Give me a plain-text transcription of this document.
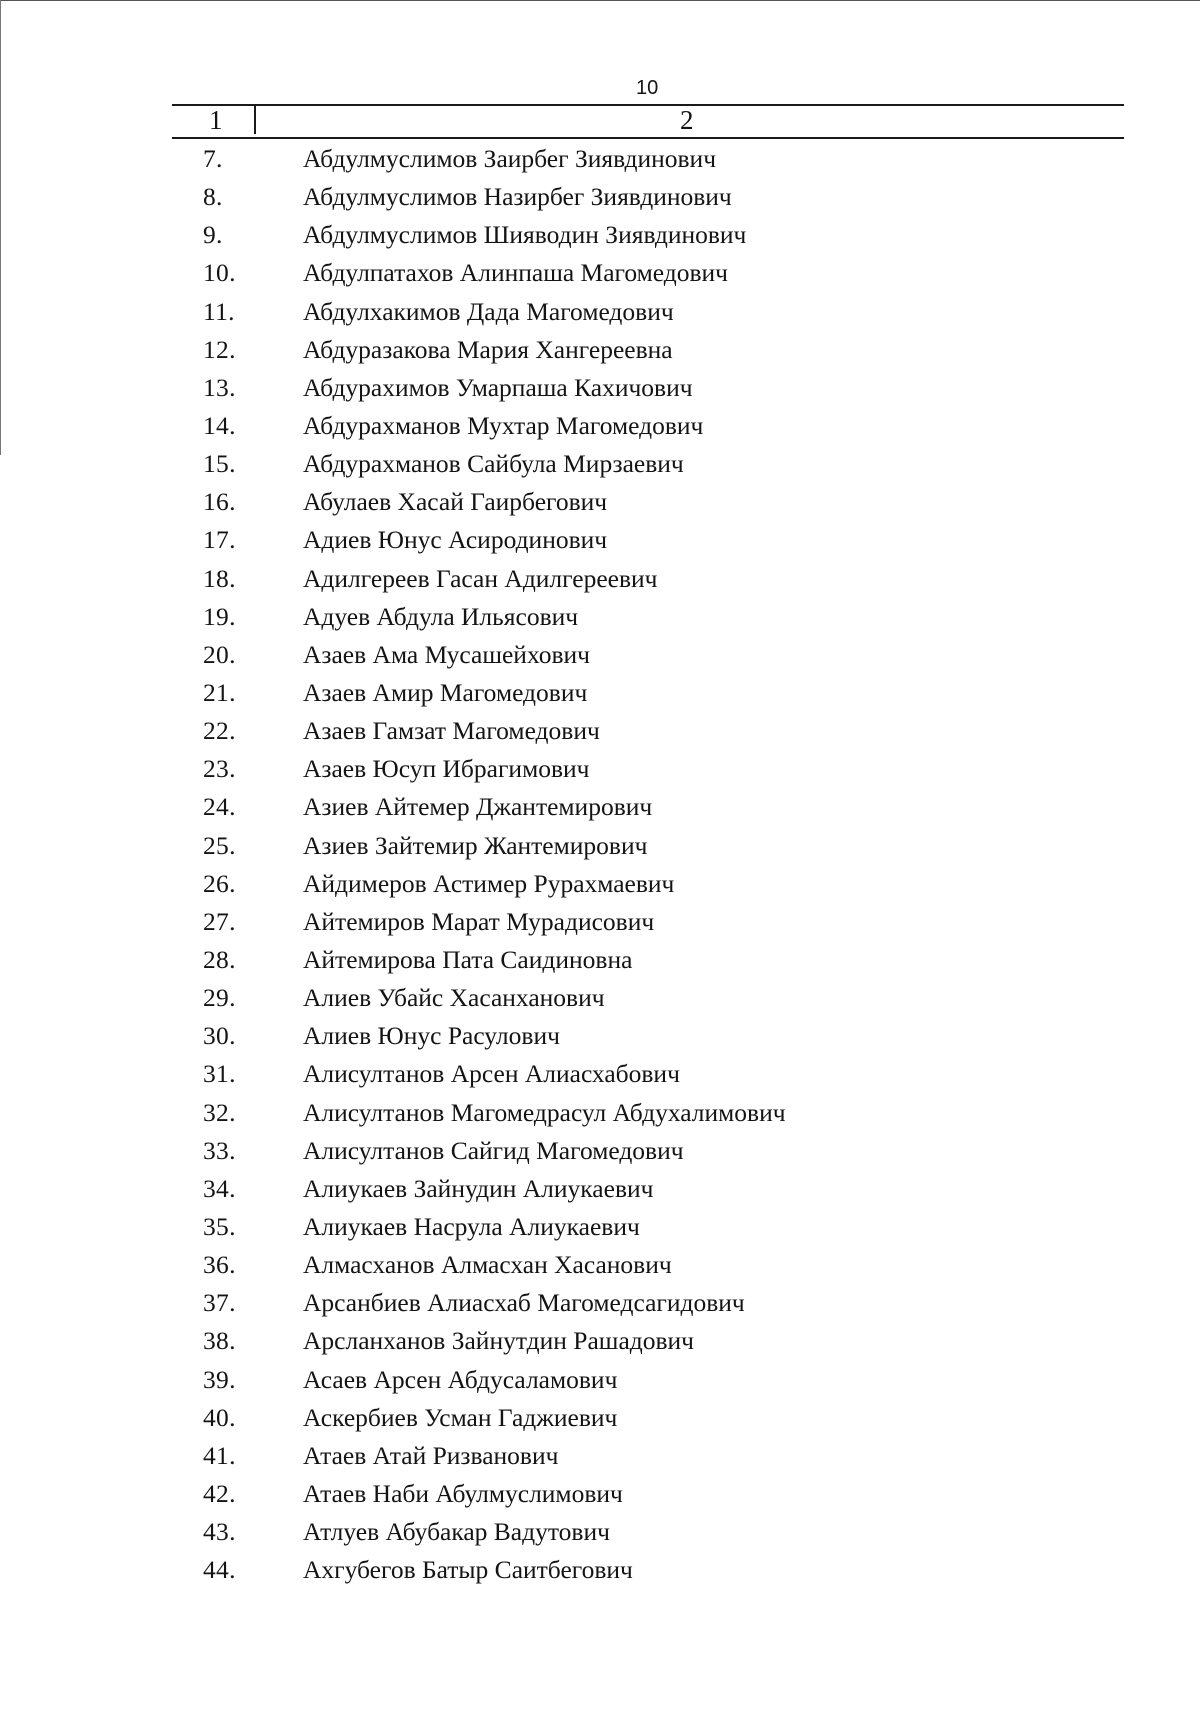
10
1	2
7.	Абдулмуслимов Заирбег Зиявдинович
8.	Абдулмуслимов Назирбег Зиявдинович
9.	Абдулмуслимов Шияводин Зиявдинович
10.	Абдулпатахов Алинпаша Магомедович
11.	Абдулхакимов Дада Магомедович
12.	Абдуразакова Мария Хангереевна
13.	Абдурахимов Умарпаша Кахичович
14.	Абдурахманов Мухтар Магомедович
15.	Абдурахманов Сайбула Мирзаевич
16.	Абулаев Хасай Гаирбегович
17.	Адиев Юнус Асиродинович
18.	Адилгереев Гасан Адилгереевич
19.	Адуев Абдула Ильясович
20.	Азаев Ама Мусашейхович
21.	Азаев Амир Магомедович
22.	Азаев Гамзат Магомедович
23.	Азаев Юсуп Ибрагимович
24.	Азиев Айтемер Джантемирович
25.	Азиев Зайтемир Жантемирович
26.	Айдимеров Астимер Рурахмаевич
27.	Айтемиров Марат Мурадисович
28.	Айтемирова Пата Саидиновна
29.	Алиев Убайс Хасанханович
30.	Алиев Юнус Расулович
31.	Алисултанов Арсен Алиасхабович
32.	Алисултанов Магомедрасул Абдухалимович
33.	Алисултанов Сайгид Магомедович
34.	Алиукаев Зайнудин Алиукаевич
35.	Алиукаев Насрула Алиукаевич
36.	Алмасханов Алмасхан Хасанович
37.	Арсанбиев Алиасхаб Магомедсагидович
38.	Арсланханов Зайнутдин Рашадович
39.	Асаев Арсен Абдусаламович
40.	Аскербиев Усман Гаджиевич
41.	Атаев Атай Ризванович
42.	Атаев Наби Абулмуслимович
43.	Атлуев Абубакар Вадутович
44.	Ахгубегов Батыр Саитбегович
